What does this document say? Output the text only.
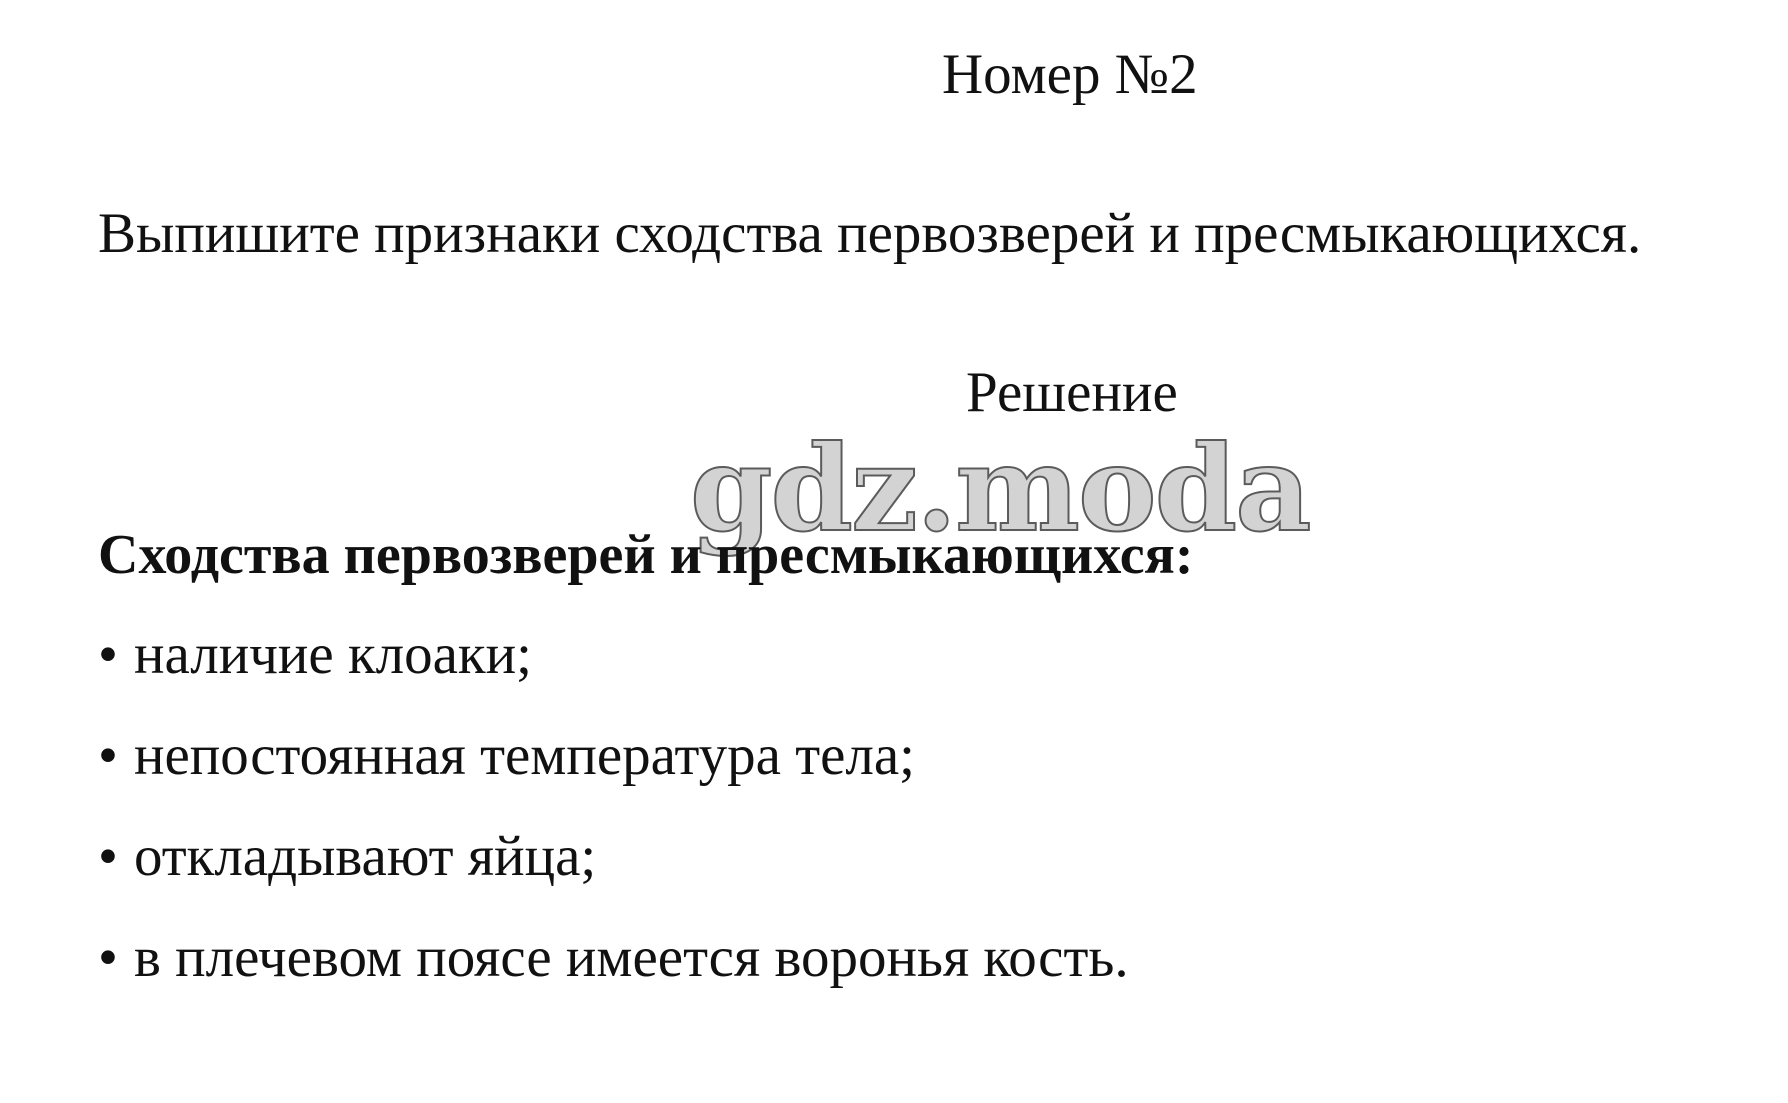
Номер №2
Выпишите признаки сходства первозверей и пресмыкающихся.
Решение
gdz.moda
Сходства первозверей и пресмыкающихся:
• наличие клоаки;
• непостоянная температура тела;
• откладывают яйца;
• в плечевом поясе имеется воронья кость.
